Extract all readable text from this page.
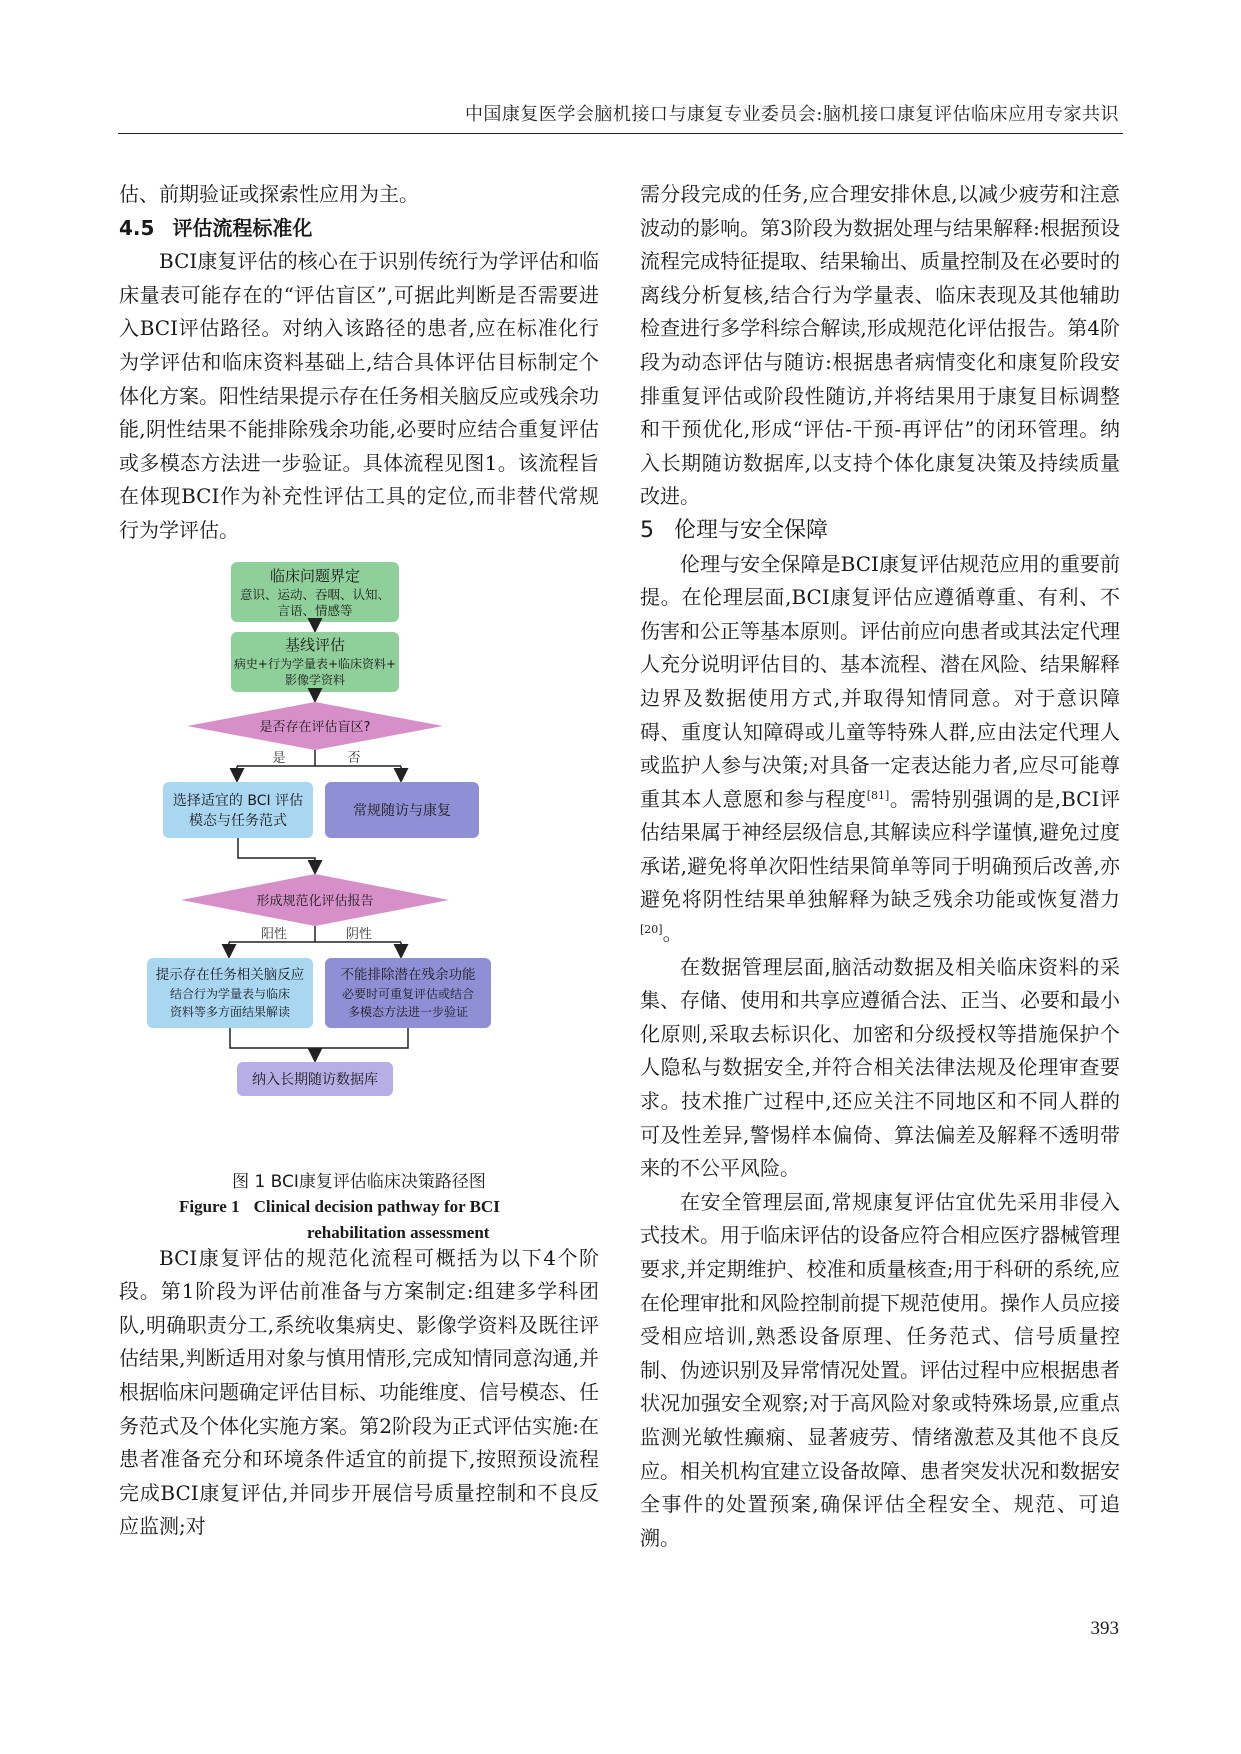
中国康复医学会脑机接口与康复专业委员会:脑机接口康复评估临床应用专家共识

估、前期验证或探索性应用为主。

4.5 评估流程标准化

BCI康复评估的核心在于识别传统行为学评估和临床量表可能存在的“评估盲区”,可据此判断是否需要进入BCI评估路径。对纳入该路径的患者,应在标准化行为学评估和临床资料基础上,结合具体评估目标制定个体化方案。阳性结果提示存在任务相关脑反应或残余功能,阴性结果不能排除残余功能,必要时应结合重复评估或多模态方法进一步验证。具体流程见图1。该流程旨在体现BCI作为补充性评估工具的定位,而非替代常规行为学评估。

临床问题界定
意识、运动、吞咽、认知、
言语、情感等
基线评估
病史+行为学量表+临床资料+
影像学资料
是否存在评估盲区?
是	否
选择适宜的 BCI 评估
模态与任务范式
常规随访与康复
形成规范化评估报告
阳性	阴性
提示存在任务相关脑反应
结合行为学量表与临床
资料等多方面结果解读
不能排除潜在残余功能
必要时可重复评估或结合
多模态方法进一步验证
纳入长期随访数据库
图 1 BCI康复评估临床决策路径图
Figure 1 Clinical decision pathway for BCI
rehabilitation assessment

BCI康复评估的规范化流程可概括为以下4个阶段。第1阶段为评估前准备与方案制定:组建多学科团队,明确职责分工,系统收集病史、影像学资料及既往评估结果,判断适用对象与慎用情形,完成知情同意沟通,并根据临床问题确定评估目标、功能维度、信号模态、任务范式及个体化实施方案。第2阶段为正式评估实施:在患者准备充分和环境条件适宜的前提下,按照预设流程完成BCI康复评估,并同步开展信号质量控制和不良反应监测;对

需分段完成的任务,应合理安排休息,以减少疲劳和注意波动的影响。第3阶段为数据处理与结果解释:根据预设流程完成特征提取、结果输出、质量控制及在必要时的离线分析复核,结合行为学量表、临床表现及其他辅助检查进行多学科综合解读,形成规范化评估报告。第4阶段为动态评估与随访:根据患者病情变化和康复阶段安排重复评估或阶段性随访,并将结果用于康复目标调整和干预优化,形成“评估-干预-再评估”的闭环管理。纳入长期随访数据库,以支持个体化康复决策及持续质量改进。

5 伦理与安全保障

伦理与安全保障是BCI康复评估规范应用的重要前提。在伦理层面,BCI康复评估应遵循尊重、有利、不伤害和公正等基本原则。评估前应向患者或其法定代理人充分说明评估目的、基本流程、潜在风险、结果解释边界及数据使用方式,并取得知情同意。对于意识障碍、重度认知障碍或儿童等特殊人群,应由法定代理人或监护人参与决策;对具备一定表达能力者,应尽可能尊重其本人意愿和参与程度[81]。需特别强调的是,BCI评估结果属于神经层级信息,其解读应科学谨慎,避免过度承诺,避免将单次阳性结果简单等同于明确预后改善,亦避免将阴性结果单独解释为缺乏残余功能或恢复潜力[20]。

在数据管理层面,脑活动数据及相关临床资料的采集、存储、使用和共享应遵循合法、正当、必要和最小化原则,采取去标识化、加密和分级授权等措施保护个人隐私与数据安全,并符合相关法律法规及伦理审查要求。技术推广过程中,还应关注不同地区和不同人群的可及性差异,警惕样本偏倚、算法偏差及解释不透明带来的不公平风险。

在安全管理层面,常规康复评估宜优先采用非侵入式技术。用于临床评估的设备应符合相应医疗器械管理要求,并定期维护、校准和质量核查;用于科研的系统,应在伦理审批和风险控制前提下规范使用。操作人员应接受相应培训,熟悉设备原理、任务范式、信号质量控制、伪迹识别及异常情况处置。评估过程中应根据患者状况加强安全观察;对于高风险对象或特殊场景,应重点监测光敏性癫痫、显著疲劳、情绪激惹及其他不良反应。相关机构宜建立设备故障、患者突发状况和数据安全事件的处置预案,确保评估全程安全、规范、可追溯。

393
